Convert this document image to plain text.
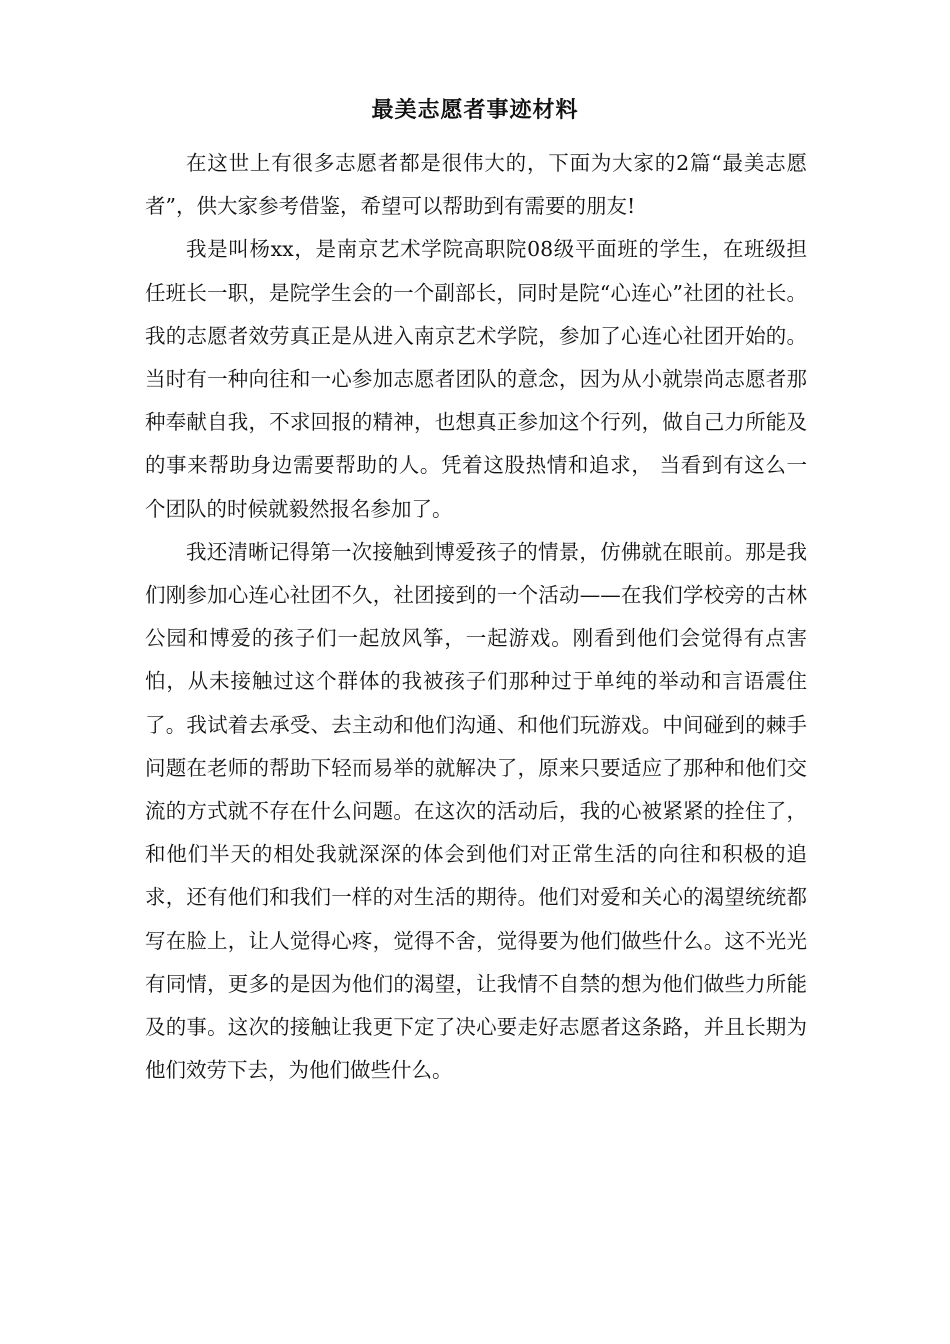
最美志愿者事迹材料

在这世上有很多志愿者都是很伟大的，下面为大家的2篇“最美志愿者”，供大家参考借鉴，希望可以帮助到有需要的朋友!

我是叫杨xx，是南京艺术学院高职院08级平面班的学生，在班级担任班长一职，是院学生会的一个副部长，同时是院“心连心”社团的社长。我的志愿者效劳真正是从进入南京艺术学院，参加了心连心社团开始的。当时有一种向往和一心参加志愿者团队的意念，因为从小就崇尚志愿者那种奉献自我，不求回报的精神，也想真正参加这个行列，做自己力所能及的事来帮助身边需要帮助的人。凭着这股热情和追求， 当看到有这么一个团队的时候就毅然报名参加了。

我还清晰记得第一次接触到博爱孩子的情景，仿佛就在眼前。那是我们刚参加心连心社团不久，社团接到的一个活动——在我们学校旁的古林公园和博爱的孩子们一起放风筝，一起游戏。刚看到他们会觉得有点害怕，从未接触过这个群体的我被孩子们那种过于单纯的举动和言语震住了。我试着去承受、去主动和他们沟通、和他们玩游戏。中间碰到的棘手问题在老师的帮助下轻而易举的就解决了，原来只要适应了那种和他们交流的方式就不存在什么问题。在这次的活动后，我的心被紧紧的拴住了，和他们半天的相处我就深深的体会到他们对正常生活的向往和积极的追求，还有他们和我们一样的对生活的期待。他们对爱和关心的渴望统统都写在脸上，让人觉得心疼，觉得不舍，觉得要为他们做些什么。这不光光有同情，更多的是因为他们的渴望，让我情不自禁的想为他们做些力所能及的事。这次的接触让我更下定了决心要走好志愿者这条路，并且长期为他们效劳下去，为他们做些什么。
